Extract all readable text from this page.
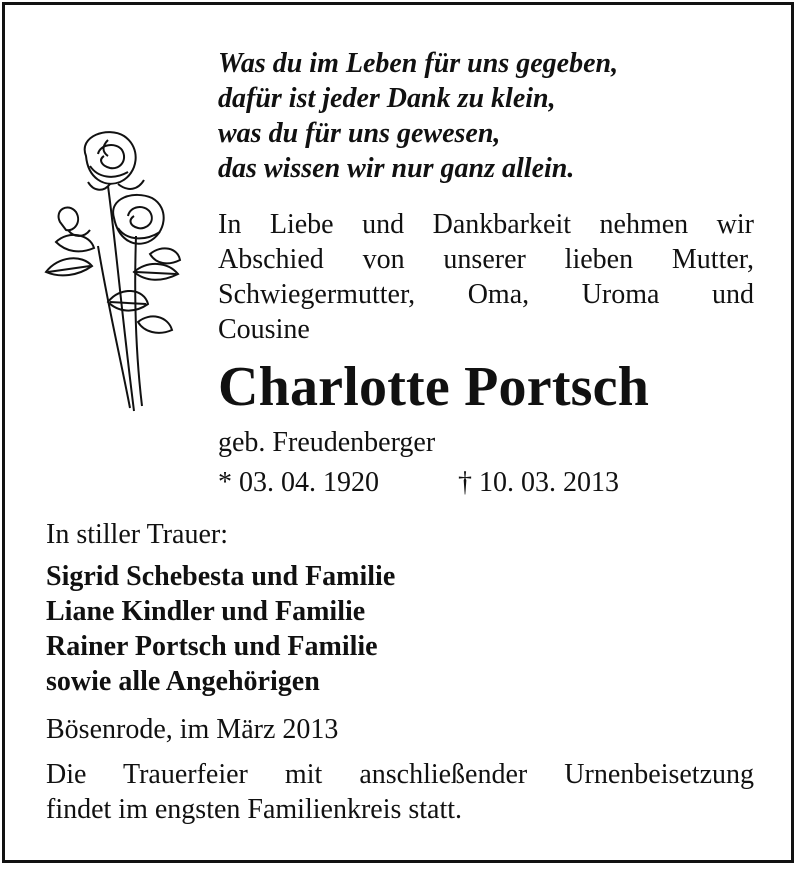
Was du im Leben für uns gegeben,
dafür ist jeder Dank zu klein,
was du für uns gewesen,
das wissen wir nur ganz allein.
In Liebe und Dankbarkeit nehmen wir
Abschied von unserer lieben Mutter,
Schwiegermutter, Oma, Uroma und
Cousine
Charlotte Portsch
geb. Freudenberger
* 03. 04. 1920	† 10. 03. 2013
In stiller Trauer:
Sigrid Schebesta und Familie
Liane Kindler und Familie
Rainer Portsch und Familie
sowie alle Angehörigen
Bösenrode, im März 2013
Die Trauerfeier mit anschließender Urnenbeisetzung
findet im engsten Familienkreis statt.
